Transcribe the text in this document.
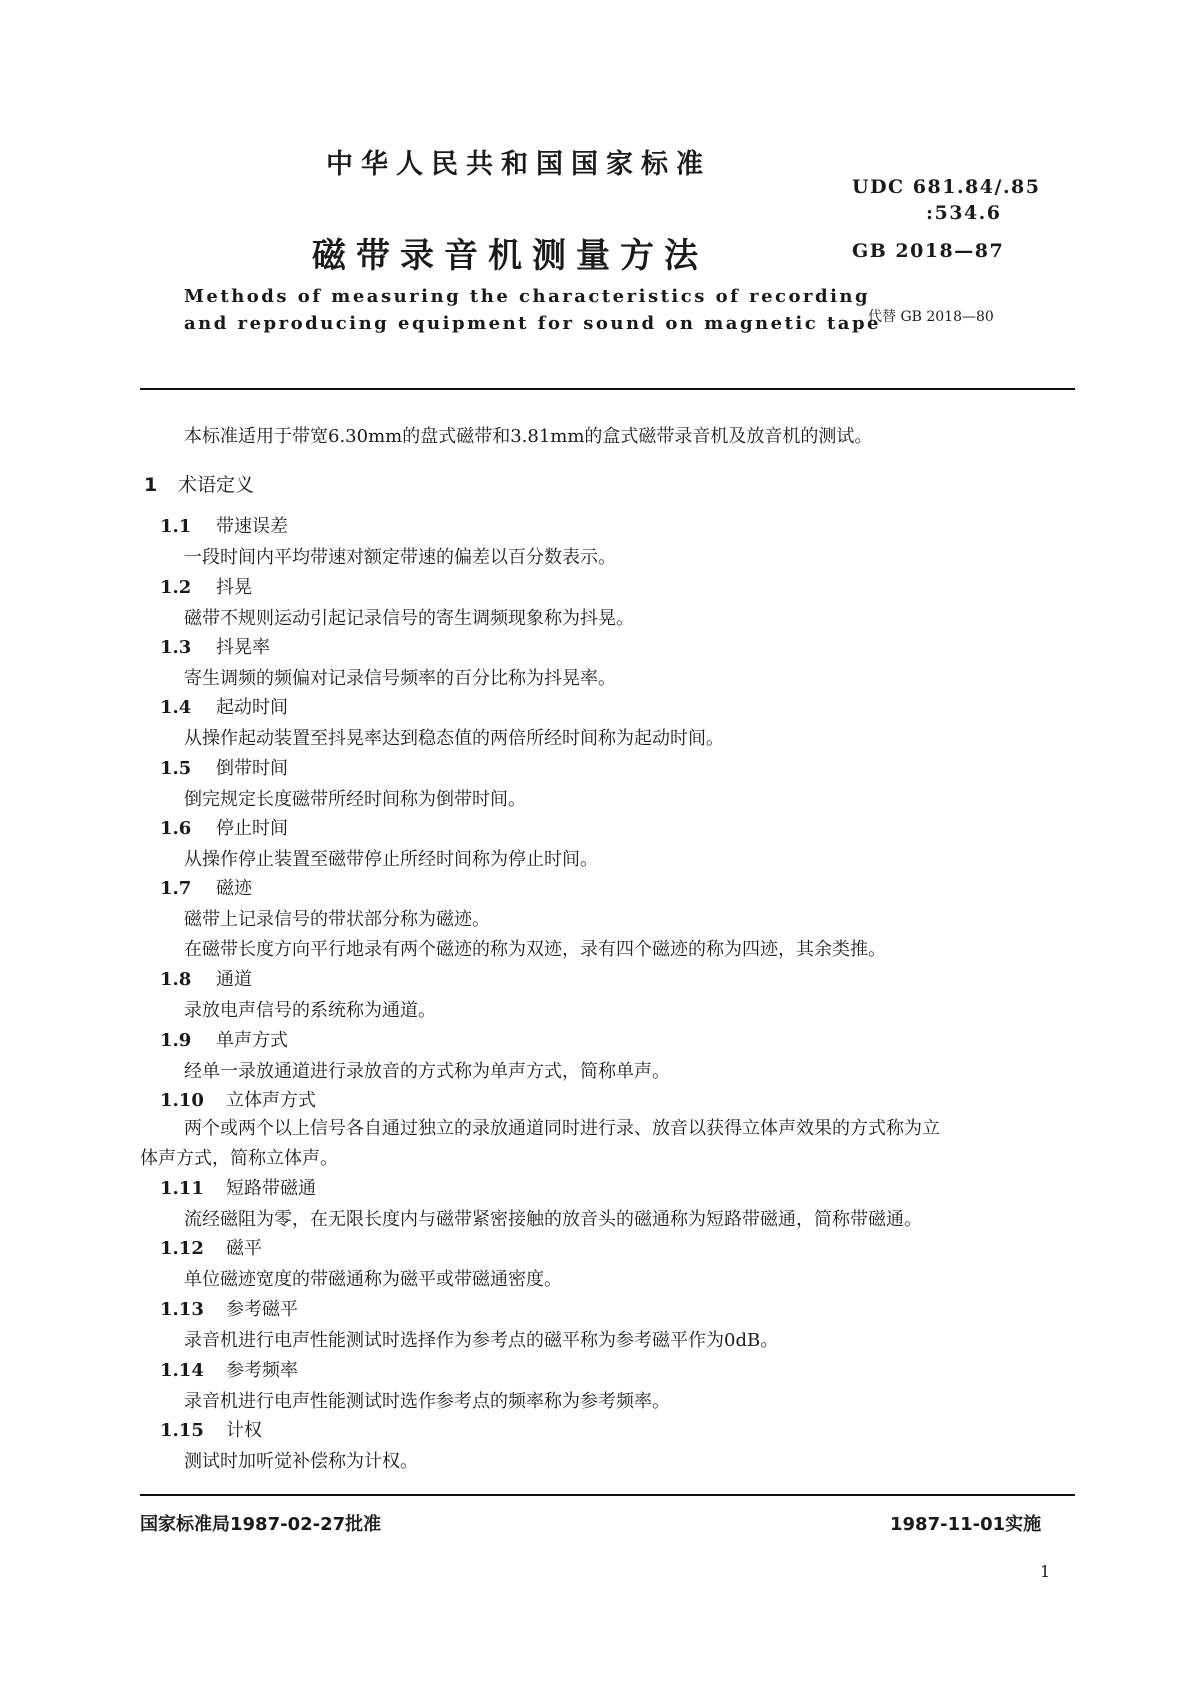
中华人民共和国国家标准
磁带录音机测量方法
Methods of measuring the characteristics of recording
and reproducing equipment for sound on magnetic tape
UDC 681.84/.85
:534.6
GB 2018—87
代替 GB 2018—80
本标准适用于带宽6.30mm的盘式磁带和3.81mm的盒式磁带录音机及放音机的测试。
1 术语定义
1.1 带速误差
一段时间内平均带速对额定带速的偏差以百分数表示。
1.2 抖晃
磁带不规则运动引起记录信号的寄生调频现象称为抖晃。
1.3 抖晃率
寄生调频的频偏对记录信号频率的百分比称为抖晃率。
1.4 起动时间
从操作起动装置至抖晃率达到稳态值的两倍所经时间称为起动时间。
1.5 倒带时间
倒完规定长度磁带所经时间称为倒带时间。
1.6 停止时间
从操作停止装置至磁带停止所经时间称为停止时间。
1.7 磁迹
磁带上记录信号的带状部分称为磁迹。
在磁带长度方向平行地录有两个磁迹的称为双迹，录有四个磁迹的称为四迹，其余类推。
1.8 通道
录放电声信号的系统称为通道。
1.9 单声方式
经单一录放通道进行录放音的方式称为单声方式，简称单声。
1.10 立体声方式
两个或两个以上信号各自通过独立的录放通道同时进行录、放音以获得立体声效果的方式称为立
体声方式，简称立体声。
1.11 短路带磁通
流经磁阻为零，在无限长度内与磁带紧密接触的放音头的磁通称为短路带磁通，简称带磁通。
1.12 磁平
单位磁迹宽度的带磁通称为磁平或带磁通密度。
1.13 参考磁平
录音机进行电声性能测试时选择作为参考点的磁平称为参考磁平作为0dB。
1.14 参考频率
录音机进行电声性能测试时选作参考点的频率称为参考频率。
1.15 计权
测试时加听觉补偿称为计权。
国家标准局1987-02-27批准	1987-11-01实施
1
